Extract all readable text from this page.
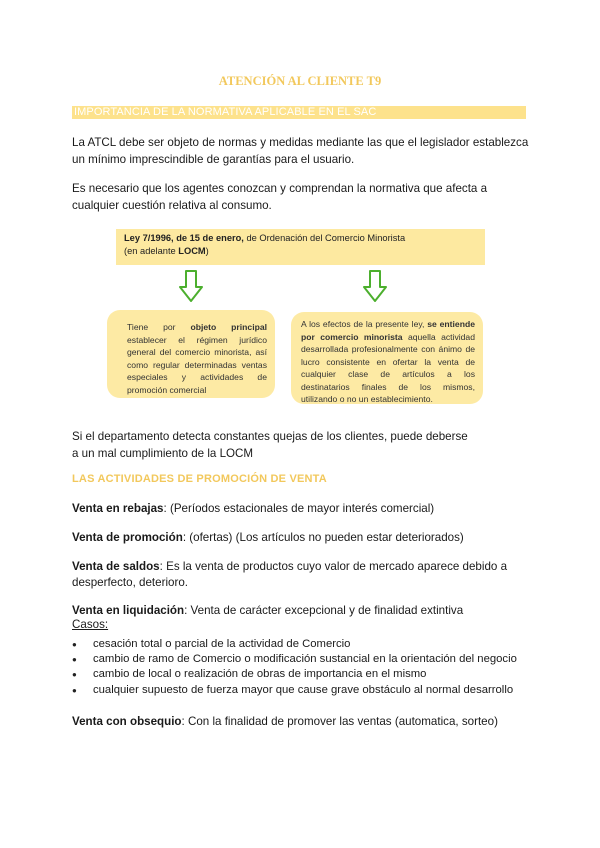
ATENCIÓN AL CLIENTE T9
IMPORTANCIA DE LA NORMATIVA APLICABLE EN EL SAC
La ATCL debe ser objeto de normas y medidas mediante las que el legislador establezca un mínimo imprescindible de garantías para el usuario.
Es necesario que los agentes conozcan y comprendan la normativa que afecta a cualquier cuestión relativa al consumo.
Ley 7/1996, de 15 de enero, de Ordenación del Comercio Minorista
(en adelante LOCM)
Tiene por objeto principal establecer el régimen jurídico general del comercio minorista, así como regular determinadas ventas especiales y actividades de promoción comercial
A los efectos de la presente ley, se entiende por comercio minorista aquella actividad desarrollada profesionalmente con ánimo de lucro consistente en ofertar la venta de cualquier clase de artículos a los destinatarios finales de los mismos, utilizando o no un establecimiento.
Si el departamento detecta constantes quejas de los clientes, puede deberse a un mal cumplimiento de la LOCM
LAS ACTIVIDADES DE PROMOCIÓN DE VENTA
Venta en rebajas: (Períodos estacionales de mayor interés comercial)
Venta de promoción: (ofertas) (Los artículos no pueden estar deteriorados)
Venta de saldos: Es la venta de productos cuyo valor de mercado aparece debido a
desperfecto, deterioro.
Venta en liquidación: Venta de carácter excepcional y de finalidad extintiva
Casos:
● cesación total o parcial de la actividad de Comercio
● cambio de ramo de Comercio o modificación sustancial en la orientación del negocio
● cambio de local o realización de obras de importancia en el mismo
● cualquier supuesto de fuerza mayor que cause grave obstáculo al normal desarrollo
Venta con obsequio: Con la finalidad de promover las ventas (automatica, sorteo)
